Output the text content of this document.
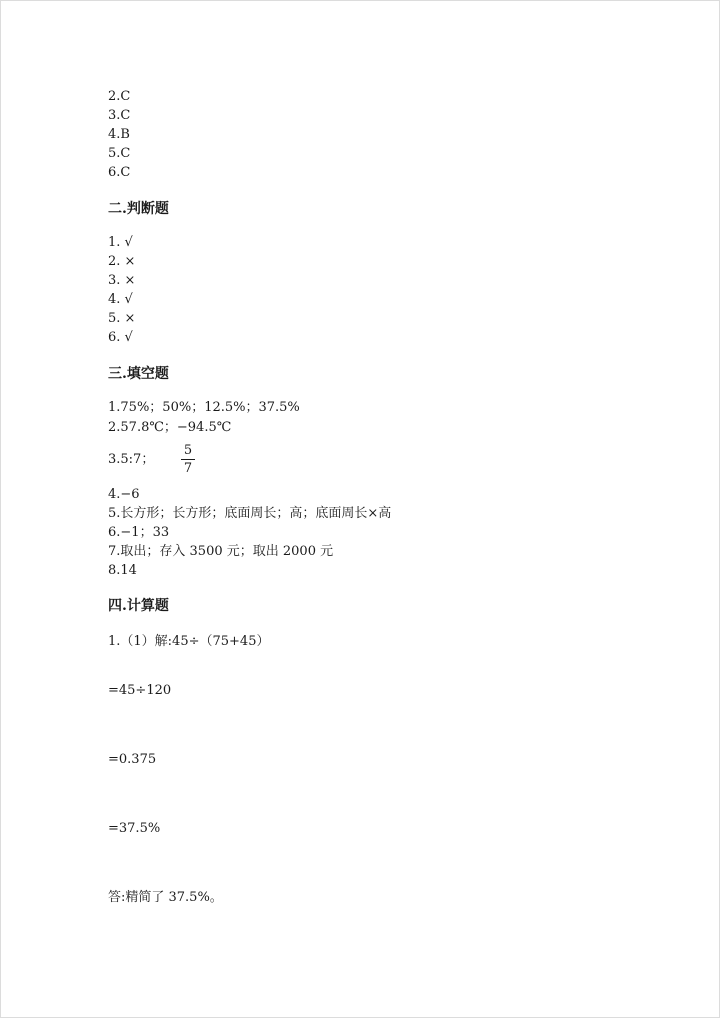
2.C
3.C
4.B
5.C
6.C
二.判断题
1. √
2. ×
3. ×
4. √
5. ×
6. √
三.填空题
1.75%；50%；12.5%；37.5%
2.57.8℃；−94.5℃
3.5:7；
5
7
4.−6
5.长方形；长方形；底面周长；高；底面周长×高
6.−1；33
7.取出；存入 3500 元；取出 2000 元
8.14
四.计算题
1.（1）解:45÷（75+45）
=45÷120
=0.375
=37.5%
答:精简了 37.5%。
